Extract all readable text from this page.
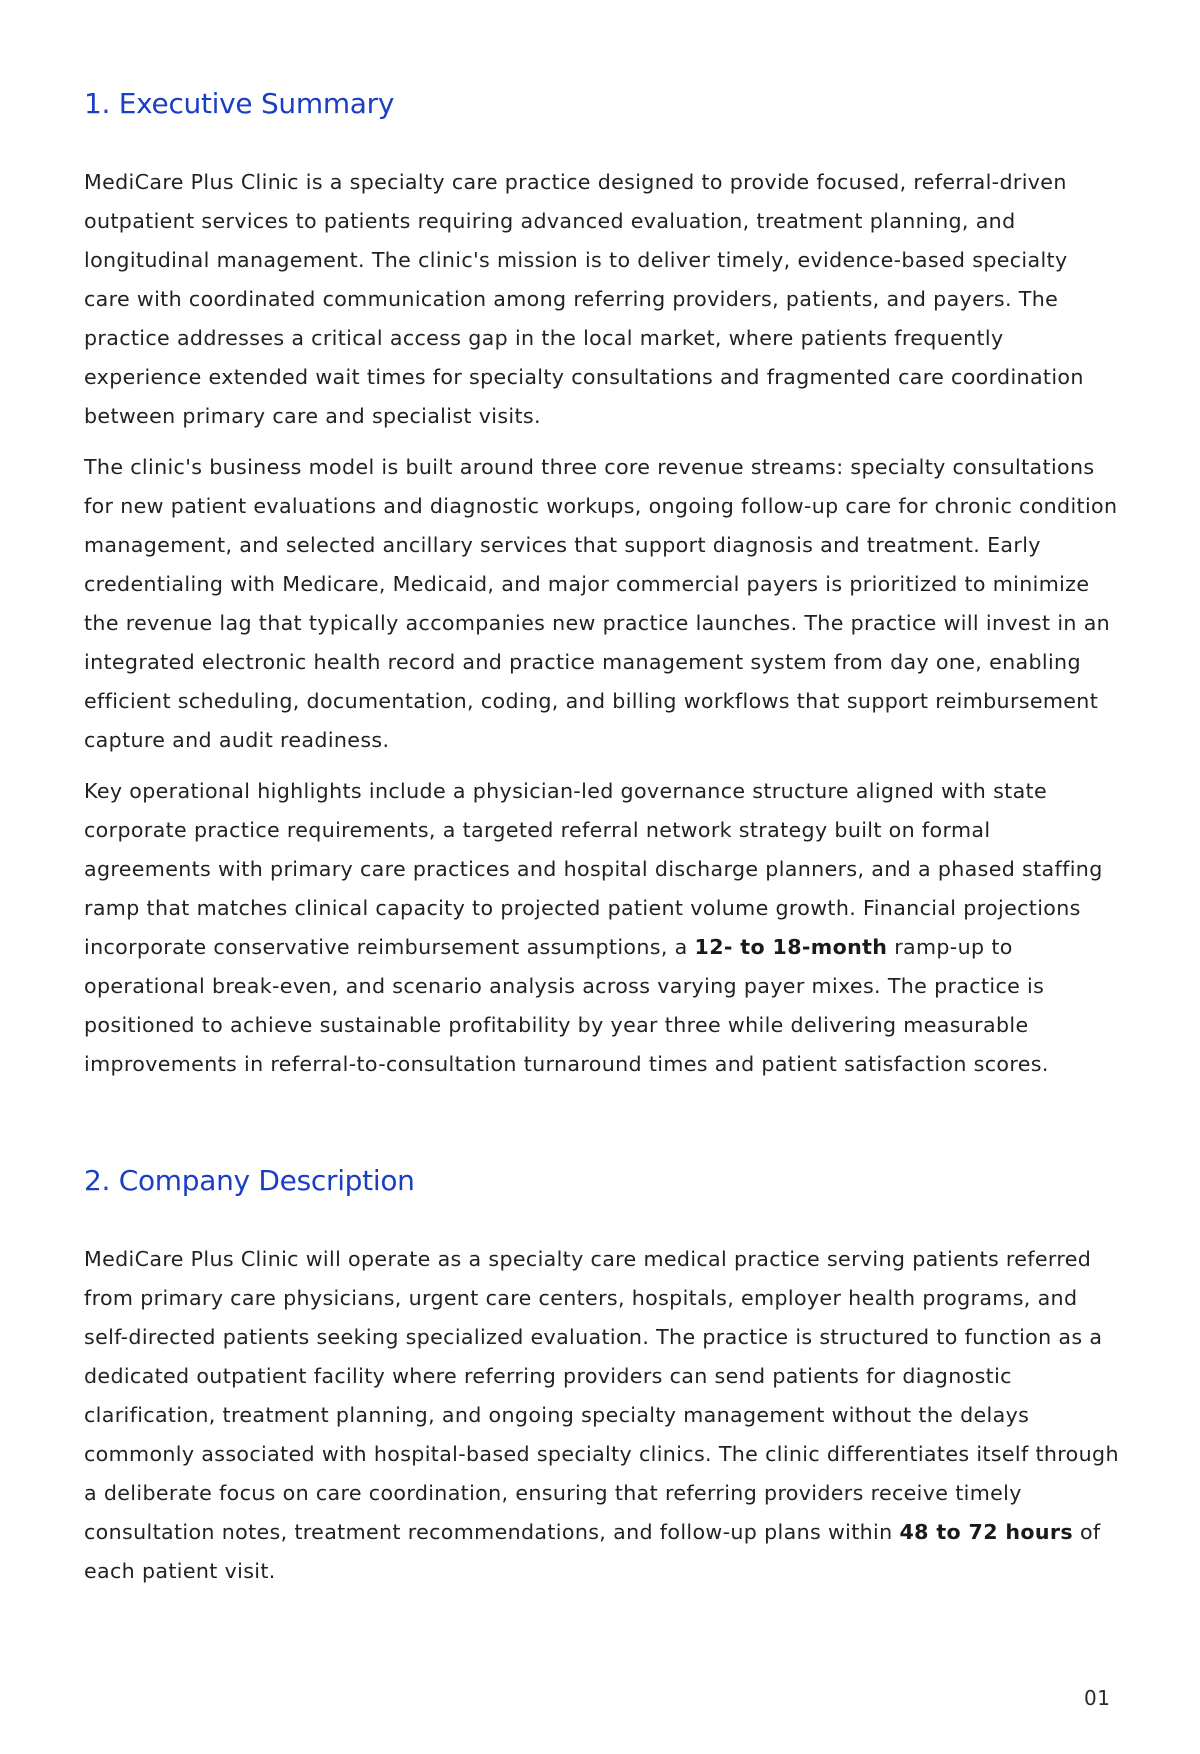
1. Executive Summary

MediCare Plus Clinic is a specialty care practice designed to provide focused, referral-driven outpatient services to patients requiring advanced evaluation, treatment planning, and longitudinal management. The clinic's mission is to deliver timely, evidence-based specialty care with coordinated communication among referring providers, patients, and payers. The practice addresses a critical access gap in the local market, where patients frequently experience extended wait times for specialty consultations and fragmented care coordination between primary care and specialist visits.

The clinic's business model is built around three core revenue streams: specialty consultations for new patient evaluations and diagnostic workups, ongoing follow-up care for chronic condition management, and selected ancillary services that support diagnosis and treatment. Early credentialing with Medicare, Medicaid, and major commercial payers is prioritized to minimize the revenue lag that typically accompanies new practice launches. The practice will invest in an integrated electronic health record and practice management system from day one, enabling efficient scheduling, documentation, coding, and billing workflows that support reimbursement capture and audit readiness.

Key operational highlights include a physician-led governance structure aligned with state corporate practice requirements, a targeted referral network strategy built on formal agreements with primary care practices and hospital discharge planners, and a phased staffing ramp that matches clinical capacity to projected patient volume growth. Financial projections incorporate conservative reimbursement assumptions, a 12- to 18-month ramp-up to operational break-even, and scenario analysis across varying payer mixes. The practice is positioned to achieve sustainable profitability by year three while delivering measurable improvements in referral-to-consultation turnaround times and patient satisfaction scores.

2. Company Description

MediCare Plus Clinic will operate as a specialty care medical practice serving patients referred from primary care physicians, urgent care centers, hospitals, employer health programs, and self-directed patients seeking specialized evaluation. The practice is structured to function as a dedicated outpatient facility where referring providers can send patients for diagnostic clarification, treatment planning, and ongoing specialty management without the delays commonly associated with hospital-based specialty clinics. The clinic differentiates itself through a deliberate focus on care coordination, ensuring that referring providers receive timely consultation notes, treatment recommendations, and follow-up plans within 48 to 72 hours of each patient visit.

01
